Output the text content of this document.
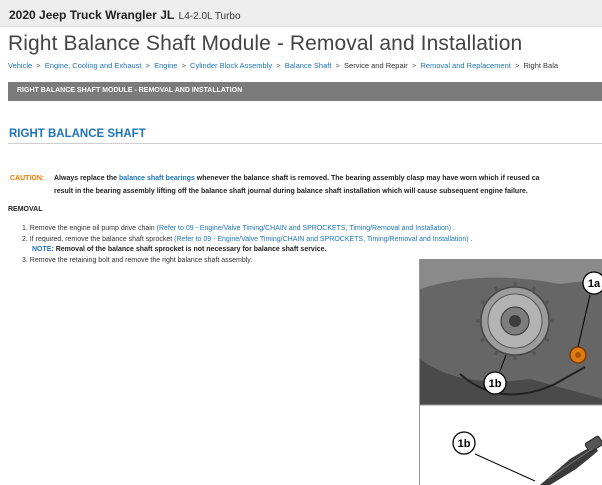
2020 Jeep Truck Wrangler JL L4-2.0L Turbo
Right Balance Shaft Module - Removal and Installation
Vehicle > Engine, Cooling and Exhaust > Engine > Cylinder Block Assembly > Balance Shaft > Service and Repair > Removal and Replacement > Right Bala
RIGHT BALANCE SHAFT MODULE - REMOVAL AND INSTALLATION
RIGHT BALANCE SHAFT
CAUTION: Always replace the balance shaft bearings whenever the balance shaft is removed. The bearing assembly clasp may have worn which if reused ca
result in the bearing assembly lifting off the balance shaft journal during balance shaft installation which will cause subsequent engine failure.
REMOVAL
1. Remove the engine oil pump drive chain (Refer to 09 - Engine/Valve Timing/CHAIN and SPROCKETS, Timing/Removal and Installation) .
2. If required, remove the balance shaft sprocket (Refer to 09 - Engine/Valve Timing/CHAIN and SPROCKETS, Timing/Removal and Installation) .
NOTE: Removal of the balance shaft sprocket is not necessary for balance shaft service.
3. Remove the retaining bolt and remove the right balance shaft assembly.
1a
1b
1b
